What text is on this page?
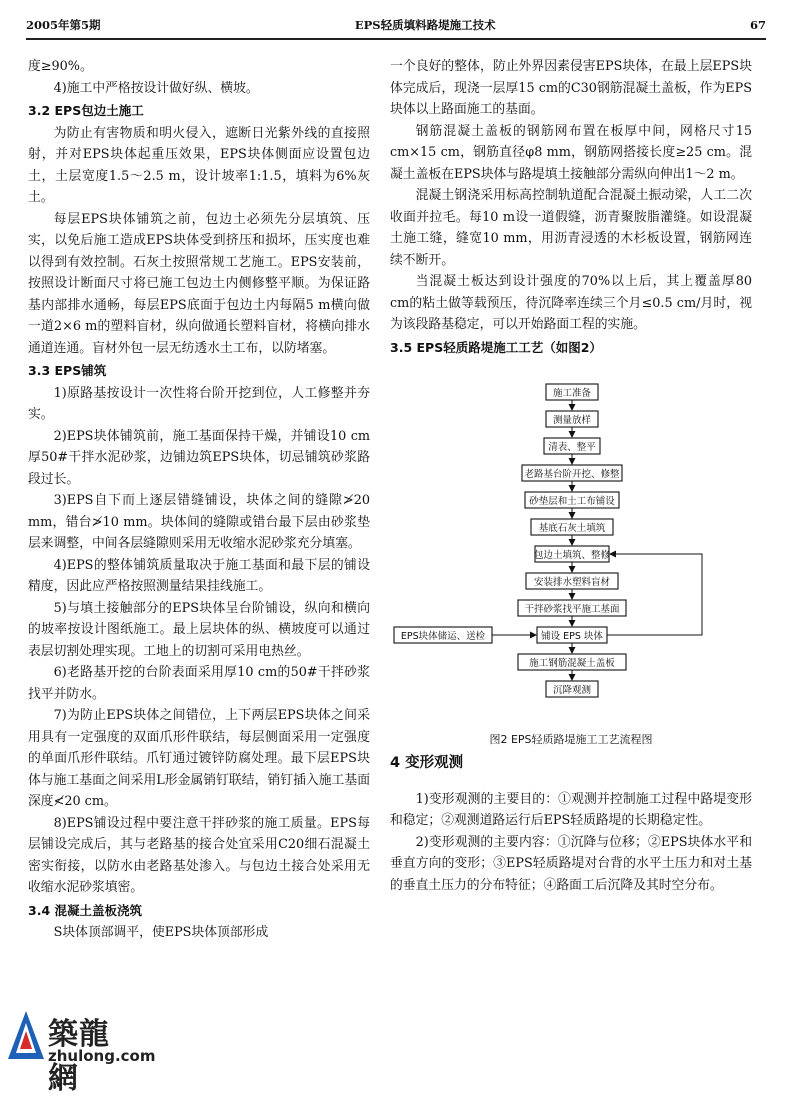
2005年第5期	EPS轻质填料路堤施工技术	67

度≥90%。

4)施工中严格按设计做好纵、横坡。

3.2 EPS包边土施工

为防止有害物质和明火侵入，遮断日光紫外线的直接照射，并对EPS块体起重压效果，EPS块体侧面应设置包边土，土层宽度1.5～2.5 m，设计坡率1:1.5，填料为6%灰土。

每层EPS块体铺筑之前，包边土必须先分层填筑、压实，以免后施工造成EPS块体受到挤压和损坏，压实度也难以得到有效控制。石灰土按照常规工艺施工。EPS安装前，按照设计断面尺寸将已施工包边土内侧修整平顺。为保证路基内部排水通畅，每层EPS底面于包边土内每隔5 m横向做一道2×6 m的塑料盲材，纵向做通长塑料盲材，将横向排水通道连通。盲材外包一层无纺透水土工布，以防堵塞。

3.3 EPS铺筑

1)原路基按设计一次性将台阶开挖到位，人工修整并夯实。

2)EPS块体铺筑前，施工基面保持干燥，并铺设10 cm厚50#干拌水泥砂浆，边铺边筑EPS块体，切忌铺筑砂浆路段过长。

3)EPS自下而上逐层错缝铺设，块体之间的缝隙≯20 mm，错台≯10 mm。块体间的缝隙或错台最下层由砂浆垫层来调整，中间各层缝隙则采用无收缩水泥砂浆充分填塞。

4)EPS的整体铺筑质量取决于施工基面和最下层的铺设精度，因此应严格按照测量结果挂线施工。

5)与填土接触部分的EPS块体呈台阶铺设，纵向和横向的坡率按设计图纸施工。最上层块体的纵、横坡度可以通过表层切割处理实现。工地上的切割可采用电热丝。

6)老路基开挖的台阶表面采用厚10 cm的50#干拌砂浆找平并防水。

7)为防止EPS块体之间错位，上下两层EPS块体之间采用具有一定强度的双面爪形件联结，每层侧面采用一定强度的单面爪形件联结。爪钉通过镀锌防腐处理。最下层EPS块体与施工基面之间采用L形金属销钉联结，销钉插入施工基面深度≮20 cm。

8)EPS铺设过程中要注意干拌砂浆的施工质量。EPS每层铺设完成后，其与老路基的接合处宜采用C20细石混凝土密实衔接，以防水由老路基处渗入。与包边土接合处采用无收缩水泥砂浆填密。

3.4 混凝土盖板浇筑

S块体顶部调平，使EPS块体顶部形成

一个良好的整体，防止外界因素侵害EPS块体，在最上层EPS块体完成后，现浇一层厚15 cm的C30钢筋混凝土盖板，作为EPS块体以上路面施工的基面。

钢筋混凝土盖板的钢筋网布置在板厚中间，网格尺寸15 cm×15 cm，钢筋直径φ8 mm，钢筋网搭接长度≥25 cm。混凝土盖板在EPS块体与路堤填土接触部分需纵向伸出1～2 m。

混凝土钢浇采用标高控制轨道配合混凝土振动梁，人工二次收面并拉毛。每10 m设一道假缝，沥青聚胺脂灌缝。如设混凝土施工缝，缝宽10 mm，用沥青浸透的木杉板设置，钢筋网连续不断开。

当混凝土板达到设计强度的70%以上后，其上覆盖厚80 cm的粘土做等载预压，待沉降率连续三个月≤0.5 cm/月时，视为该段路基稳定，可以开始路面工程的实施。

3.5 EPS轻质路堤施工工艺（如图2）
施工准备
测量放样
清表、整平
老路基台阶开挖、修整
砂垫层和土工布铺设
基底石灰土填筑
包边土填筑、整修
安装排水塑料盲材
干拌砂浆找平施工基面
铺设 EPS 块体
施工钢筋混凝土盖板
沉降观测
EPS块体储运、送检
图2 EPS轻质路堤施工工艺流程图
4 变形观测

1)变形观测的主要目的：①观测并控制施工过程中路堤变形和稳定；②观测道路运行后EPS轻质路堤的长期稳定性。

2)变形观测的主要内容：①沉降与位移；②EPS块体水平和垂直方向的变形；③EPS轻质路堤对台背的水平土压力和对土基的垂直土压力的分布特征；④路面工后沉降及其时空分布。

築龍網
zhulong.com
